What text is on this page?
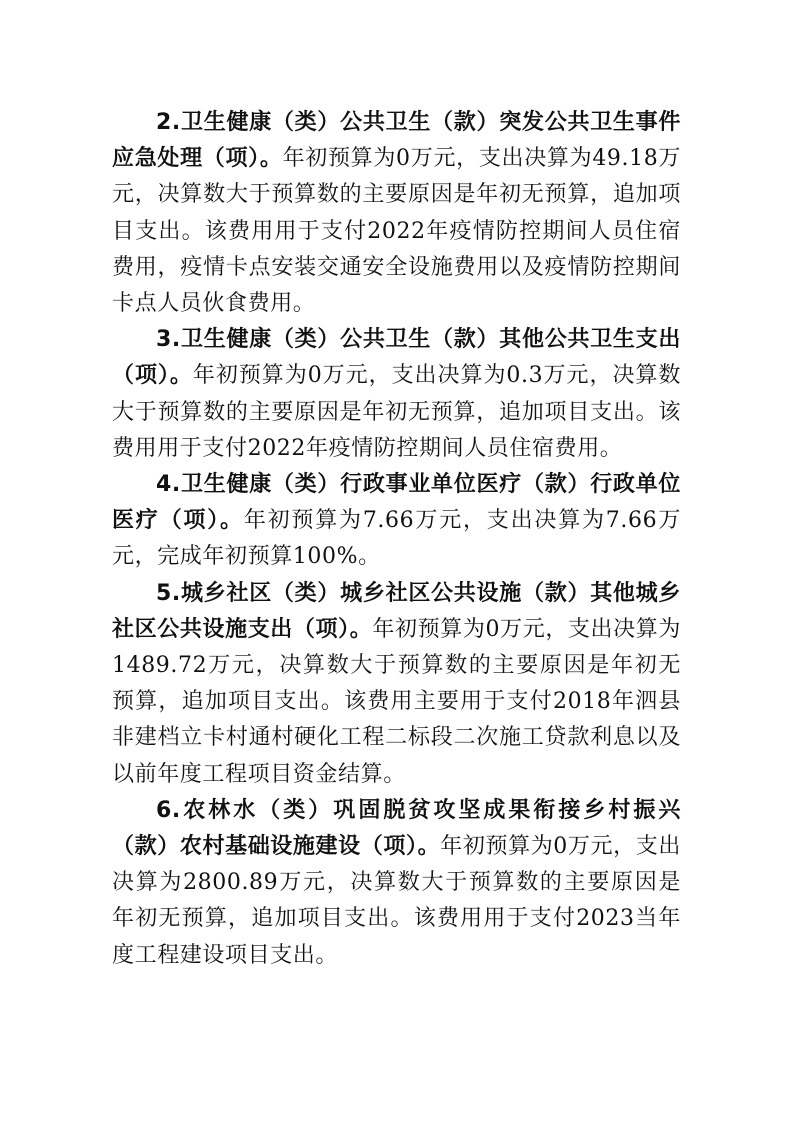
2.卫生健康（类）公共卫生（款）突发公共卫生事件应急处理（项）。年初预算为0万元，支出决算为49.18万元，决算数大于预算数的主要原因是年初无预算，追加项目支出。该费用用于支付2022年疫情防控期间人员住宿费用，疫情卡点安装交通安全设施费用以及疫情防控期间卡点人员伙食费用。

3.卫生健康（类）公共卫生（款）其他公共卫生支出（项）。年初预算为0万元，支出决算为0.3万元，决算数大于预算数的主要原因是年初无预算，追加项目支出。该费用用于支付2022年疫情防控期间人员住宿费用。

4.卫生健康（类）行政事业单位医疗（款）行政单位医疗（项）。年初预算为7.66万元，支出决算为7.66万元，完成年初预算100%。

5.城乡社区（类）城乡社区公共设施（款）其他城乡社区公共设施支出（项）。年初预算为0万元，支出决算为1489.72万元，决算数大于预算数的主要原因是年初无预算，追加项目支出。该费用主要用于支付2018年泗县非建档立卡村通村硬化工程二标段二次施工贷款利息以及以前年度工程项目资金结算。

6.农林水（类）巩固脱贫攻坚成果衔接乡村振兴（款）农村基础设施建设（项）。年初预算为0万元，支出决算为2800.89万元，决算数大于预算数的主要原因是年初无预算，追加项目支出。该费用用于支付2023当年度工程建设项目支出。
